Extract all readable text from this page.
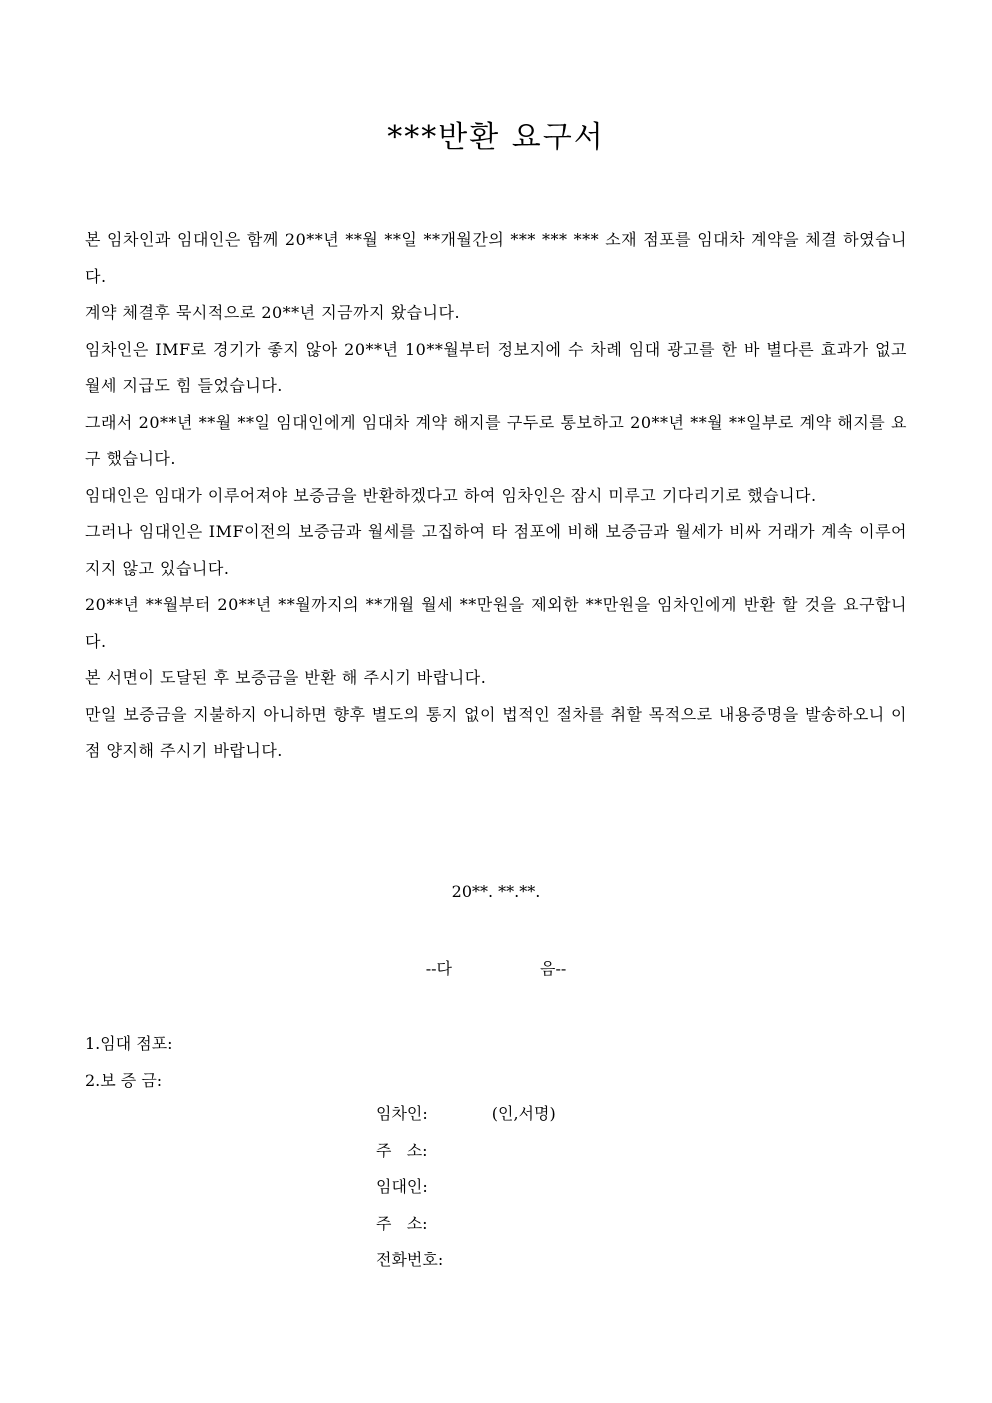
***반환 요구서

본 임차인과 임대인은 함께 20**년 **월 **일 **개월간의 *** *** *** 소재 점포를 임대차 계약을 체결 하였습니다.

계약 체결후 묵시적으로 20**년 지금까지 왔습니다.

임차인은 IMF로 경기가 좋지 않아 20**년 10**월부터 정보지에 수 차례 임대 광고를 한 바 별다른 효과가 없고 월세 지급도 힘 들었습니다.

그래서 20**년 **월 **일 임대인에게 임대차 계약 해지를 구두로 통보하고 20**년 **월 **일부로 계약 해지를 요구 했습니다.

임대인은 임대가 이루어져야 보증금을 반환하겠다고 하여 임차인은 잠시 미루고 기다리기로 했습니다.

그러나 임대인은 IMF이전의 보증금과 월세를 고집하여 타 점포에 비해 보증금과 월세가 비싸 거래가 계속 이루어지지 않고 있습니다.

20**년 **월부터 20**년 **월까지의 **개월 월세 **만원을 제외한 **만원을 임차인에게 반환 할 것을 요구합니다.

본 서면이 도달된 후 보증금을 반환 해 주시기 바랍니다.

만일 보증금을 지불하지 아니하면 향후 별도의 통지 없이 법적인 절차를 취할 목적으로 내용증명을 발송하오니 이점 양지해 주시기 바랍니다.

20**. **.**.
--다	음--
1.임대 점포:
2.보 증 금:
임차인:	(인,서명)
주   소:
임대인:
주   소:
전화번호:
